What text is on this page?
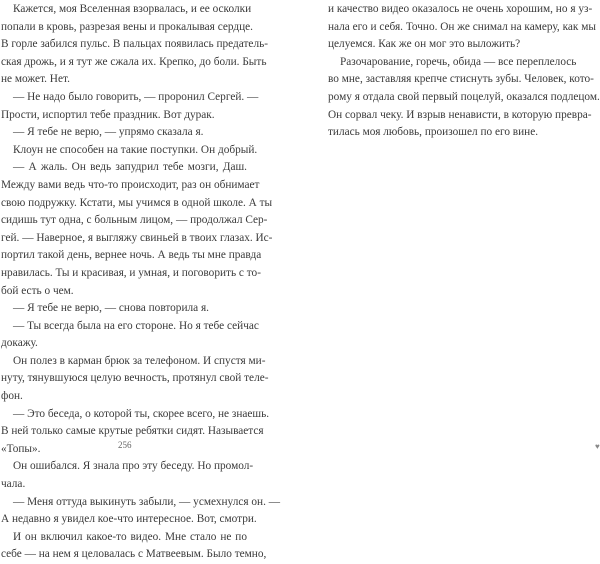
Кажется, моя Вселенная взорвалась, и ее осколки
попали в кровь, разрезая вены и прокалывая сердце.
В горле забился пульс. В пальцах появилась предатель-
ская дрожь, и я тут же сжала их. Крепко, до боли. Быть
не может. Нет.
— Не надо было говорить, — проронил Сергей. —
Прости, испортил тебе праздник. Вот дурак.
— Я тебе не верю, — упрямо сказала я.
Клоун не способен на такие поступки. Он добрый.
— А жаль. Он ведь запудрил тебе мозги, Даш.
Между вами ведь что-то происходит, раз он обнимает
свою подружку. Кстати, мы учимся в одной школе. А ты
сидишь тут одна, с больным лицом, — продолжал Сер-
гей. — Наверное, я выгляжу свиньей в твоих глазах. Ис-
портил такой день, вернее ночь. А ведь ты мне правда
нравилась. Ты и красивая, и умная, и поговорить с то-
бой есть о чем.
— Я тебе не верю, — снова повторила я.
— Ты всегда была на его стороне. Но я тебе сейчас
докажу.
Он полез в карман брюк за телефоном. И спустя ми-
нуту, тянувшуюся целую вечность, протянул свой теле-
фон.
— Это беседа, о которой ты, скорее всего, не знаешь.
В ней только самые крутые ребятки сидят. Называется
«Топы».
Он ошибался. Я знала про эту беседу. Но промол-
чала.
— Меня оттуда выкинуть забыли, — усмехнулся он. —
А недавно я увидел кое-что интересное. Вот, смотри.
И он включил какое-то видео. Мне стало не по
себе — на нем я целовалась с Матвеевым. Было темно,
256
и качество видео оказалось не очень хорошим, но я уз-
нала его и себя. Точно. Он же снимал на камеру, как мы
целуемся. Как же он мог это выложить?
Разочарование, горечь, обида — все переплелось
во мне, заставляя крепче стиснуть зубы. Человек, кото-
рому я отдала свой первый поцелуй, оказался подлецом.
Он сорвал чеку. И взрыв ненависти, в которую превра-
тилась моя любовь, произошел по его вине.
♥
